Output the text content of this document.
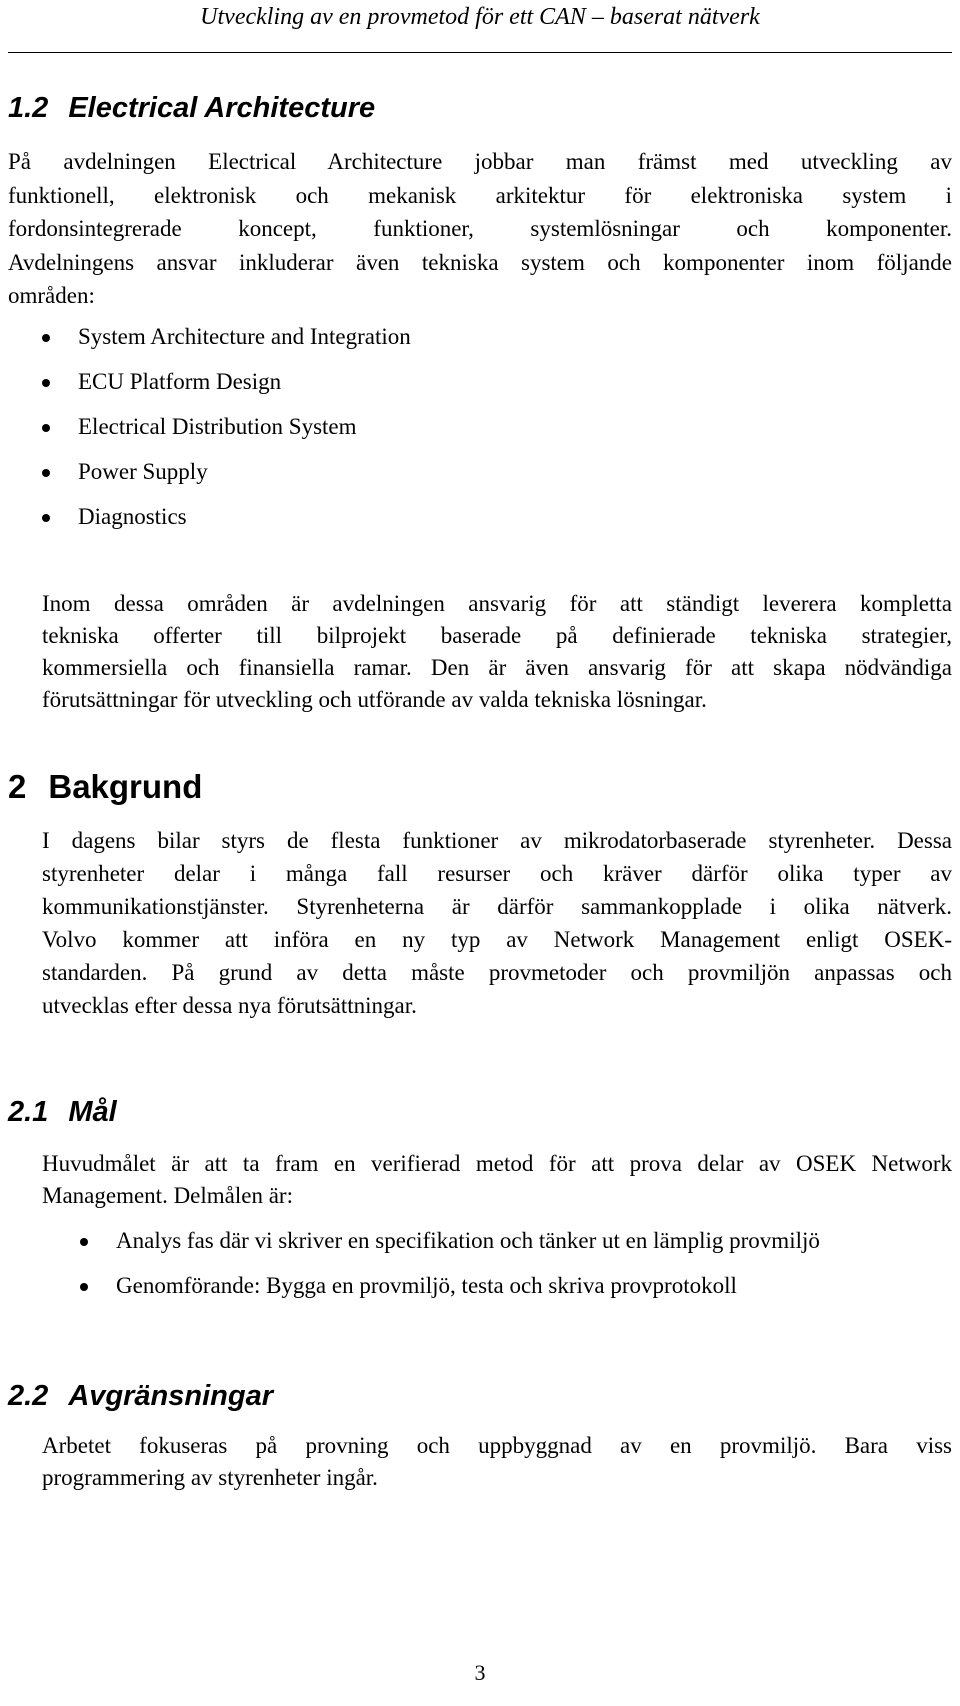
Utveckling av en provmetod för ett CAN – baserat nätverk
1.2 Electrical Architecture
På avdelningen Electrical Architecture jobbar man främst med utveckling av
funktionell, elektronisk och mekanisk arkitektur för elektroniska system i
fordonsintegrerade koncept, funktioner, systemlösningar och komponenter.
Avdelningens ansvar inkluderar även tekniska system och komponenter inom följande
områden:
System Architecture and Integration
ECU Platform Design
Electrical Distribution System
Power Supply
Diagnostics
Inom dessa områden är avdelningen ansvarig för att ständigt leverera kompletta
tekniska offerter till bilprojekt baserade på definierade tekniska strategier,
kommersiella och finansiella ramar. Den är även ansvarig för att skapa nödvändiga
förutsättningar för utveckling och utförande av valda tekniska lösningar.
2 Bakgrund
I dagens bilar styrs de flesta funktioner av mikrodatorbaserade styrenheter. Dessa
styrenheter delar i många fall resurser och kräver därför olika typer av
kommunikationstjänster. Styrenheterna är därför sammankopplade i olika nätverk.
Volvo kommer att införa en ny typ av Network Management enligt OSEK-
standarden. På grund av detta måste provmetoder och provmiljön anpassas och
utvecklas efter dessa nya förutsättningar.
2.1 Mål
Huvudmålet är att ta fram en verifierad metod för att prova delar av OSEK Network
Management. Delmålen är:
Analys fas där vi skriver en specifikation och tänker ut en lämplig provmiljö
Genomförande: Bygga en provmiljö, testa och skriva provprotokoll
2.2 Avgränsningar
Arbetet fokuseras på provning och uppbyggnad av en provmiljö. Bara viss
programmering av styrenheter ingår.
3
